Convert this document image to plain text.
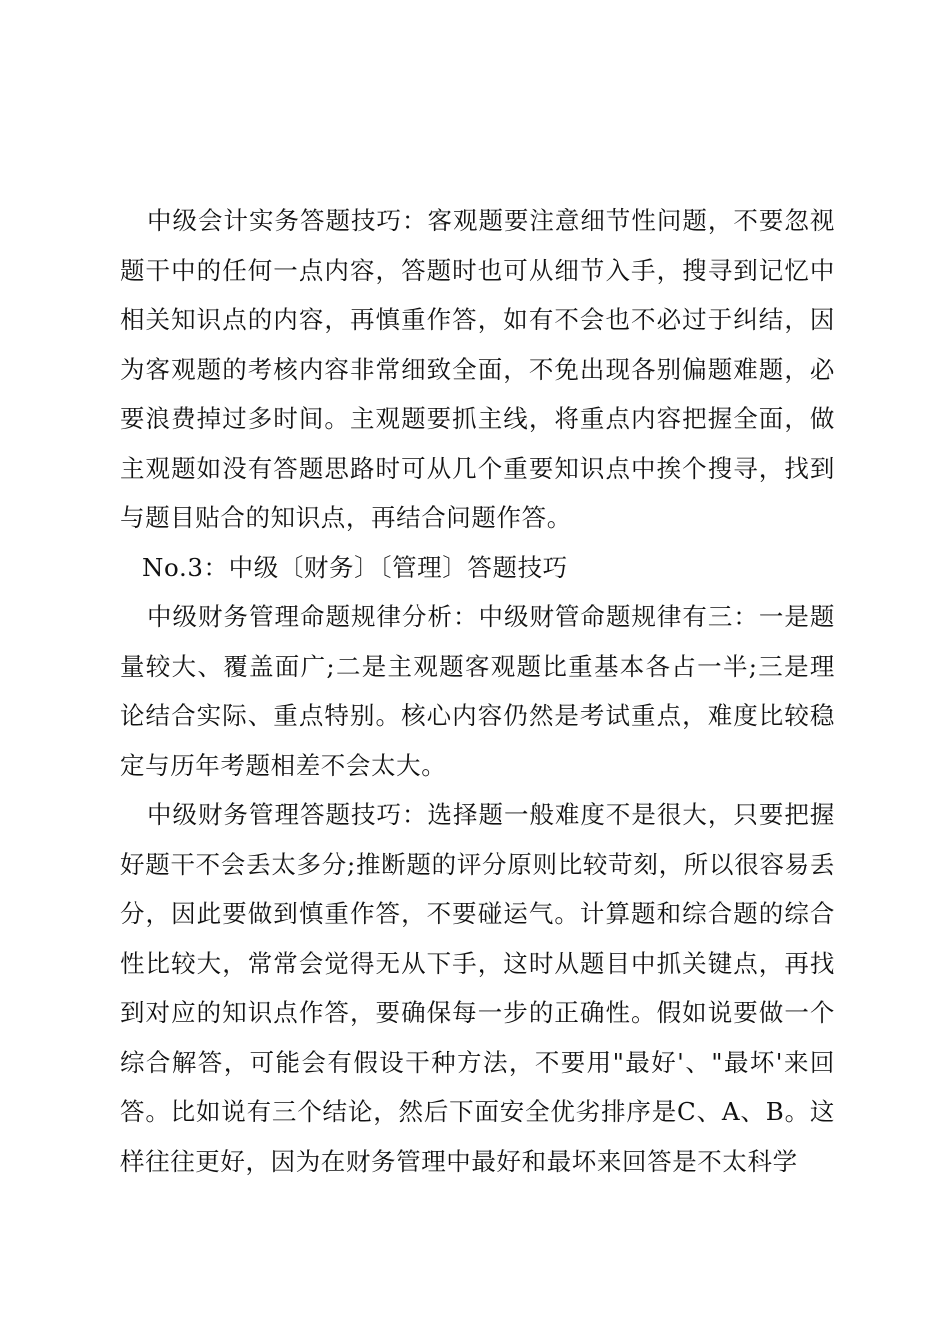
中级会计实务答题技巧：客观题要注意细节性问题，不要忽视题干中的任何一点内容，答题时也可从细节入手，搜寻到记忆中相关知识点的内容，再慎重作答，如有不会也不必过于纠结，因为客观题的考核内容非常细致全面，不免出现各别偏题难题，必要浪费掉过多时间。主观题要抓主线，将重点内容把握全面，做主观题如没有答题思路时可从几个重要知识点中挨个搜寻，找到与题目贴合的知识点，再结合问题作答。

No.3：中级〔财务〕〔管理〕答题技巧

中级财务管理命题规律分析：中级财管命题规律有三：一是题量较大、覆盖面广;二是主观题客观题比重基本各占一半;三是理论结合实际、重点特别。核心内容仍然是考试重点，难度比较稳定与历年考题相差不会太大。

中级财务管理答题技巧：选择题一般难度不是很大，只要把握好题干不会丢太多分;推断题的评分原则比较苛刻，所以很容易丢分，因此要做到慎重作答，不要碰运气。计算题和综合题的综合性比较大，常常会觉得无从下手，这时从题目中抓关键点，再找到对应的知识点作答，要确保每一步的正确性。假如说要做一个综合解答，可能会有假设干种方法，不要用"最好'、"最坏'来回答。比如说有三个结论，然后下面安全优劣排序是C、A、B。这样往往更好，因为在财务管理中最好和最坏来回答是不太科学
